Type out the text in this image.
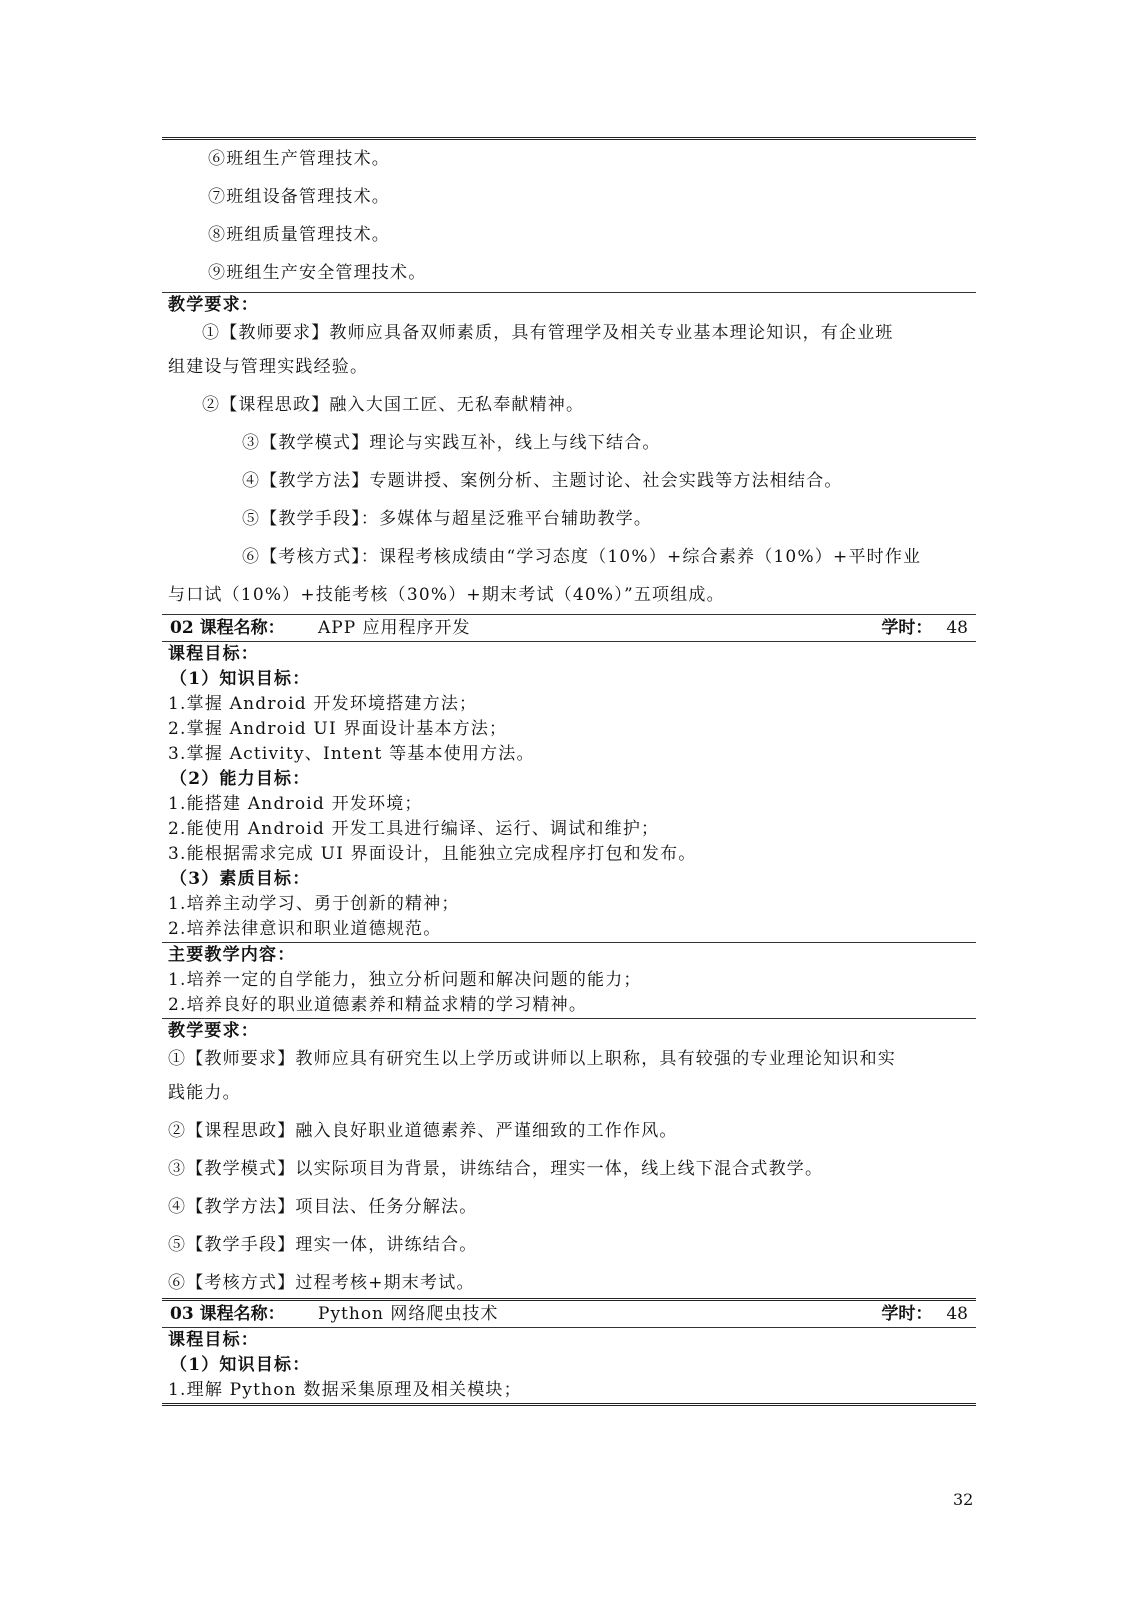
⑥班组生产管理技术。
⑦班组设备管理技术。
⑧班组质量管理技术。
⑨班组生产安全管理技术。
教学要求：
①【教师要求】教师应具备双师素质，具有管理学及相关专业基本理论知识，有企业班
组建设与管理实践经验。
②【课程思政】融入大国工匠、无私奉献精神。
③【教学模式】理论与实践互补，线上与线下结合。
④【教学方法】专题讲授、案例分析、主题讨论、社会实践等方法相结合。
⑤【教学手段】：多媒体与超星泛雅平台辅助教学。
⑥【考核方式】：课程考核成绩由“学习态度（10%）+综合素养（10%）+平时作业
与口试（10%）+技能考核（30%）+期末考试（40%）”五项组成。
02 课程名称：	APP 应用程序开发	学时： 48
课程目标：
（1）知识目标：
1.掌握 Android 开发环境搭建方法；
2.掌握 Android UI 界面设计基本方法；
3.掌握 Activity、Intent 等基本使用方法。
（2）能力目标：
1.能搭建 Android 开发环境；
2.能使用 Android 开发工具进行编译、运行、调试和维护；
3.能根据需求完成 UI 界面设计，且能独立完成程序打包和发布。
（3）素质目标：
1.培养主动学习、勇于创新的精神；
2.培养法律意识和职业道德规范。
主要教学内容：
1.培养一定的自学能力，独立分析问题和解决问题的能力；
2.培养良好的职业道德素养和精益求精的学习精神。
教学要求：
①【教师要求】教师应具有研究生以上学历或讲师以上职称，具有较强的专业理论知识和实
践能力。
②【课程思政】融入良好职业道德素养、严谨细致的工作作风。
③【教学模式】以实际项目为背景，讲练结合，理实一体，线上线下混合式教学。
④【教学方法】项目法、任务分解法。
⑤【教学手段】理实一体，讲练结合。
⑥【考核方式】过程考核+期末考试。
03 课程名称：	Python 网络爬虫技术	学时： 48
课程目标：
（1）知识目标：
1.理解 Python 数据采集原理及相关模块；
32
